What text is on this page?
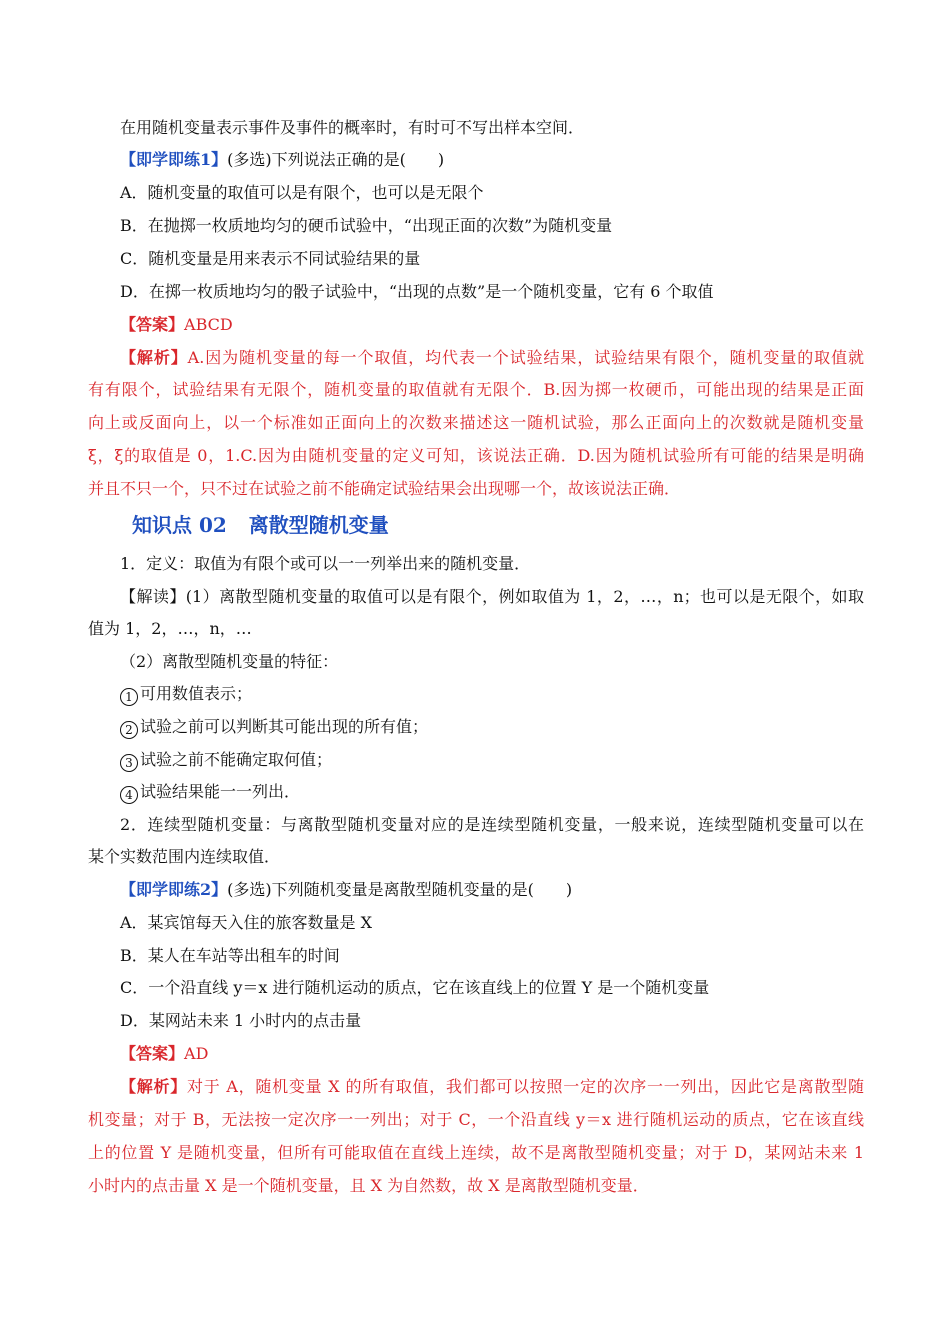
在用随机变量表示事件及事件的概率时，有时可不写出样本空间．
【即学即练1】(多选)下列说法正确的是(　　)
A．随机变量的取值可以是有限个，也可以是无限个
B．在抛掷一枚质地均匀的硬币试验中，“出现正面的次数”为随机变量
C．随机变量是用来表示不同试验结果的量
D．在掷一枚质地均匀的骰子试验中，“出现的点数”是一个随机变量，它有 6 个取值
【答案】ABCD
【解析】A.因为随机变量的每一个取值，均代表一个试验结果，试验结果有限个，随机变量的取值就
有有限个，试验结果有无限个，随机变量的取值就有无限个．B.因为掷一枚硬币，可能出现的结果是正面
向上或反面向上，以一个标准如正面向上的次数来描述这一随机试验，那么正面向上的次数就是随机变量
ξ，ξ的取值是 0，1.C.因为由随机变量的定义可知，该说法正确．D.因为随机试验所有可能的结果是明确
并且不只一个，只不过在试验之前不能确定试验结果会出现哪一个，故该说法正确．
知识点 02 离散型随机变量
1．定义：取值为有限个或可以一一列举出来的随机变量．
【解读】(1）离散型随机变量的取值可以是有限个，例如取值为 1，2，…，n；也可以是无限个，如取
值为 1，2，…，n，…
（2）离散型随机变量的特征：
1 可用数值表示；
2 试验之前可以判断其可能出现的所有值；
3 试验之前不能确定取何值；
4 试验结果能一一列出．
2．连续型随机变量：与离散型随机变量对应的是连续型随机变量，一般来说，连续型随机变量可以在
某个实数范围内连续取值．
【即学即练2】(多选)下列随机变量是离散型随机变量的是(　　)
A．某宾馆每天入住的旅客数量是 X
B．某人在车站等出租车的时间
C．一个沿直线 y＝x 进行随机运动的质点，它在该直线上的位置 Y 是一个随机变量
D．某网站未来 1 小时内的点击量
【答案】AD
【解析】对于 A，随机变量 X 的所有取值，我们都可以按照一定的次序一一列出，因此它是离散型随
机变量；对于 B，无法按一定次序一一列出；对于 C，一个沿直线 y＝x 进行随机运动的质点，它在该直线
上的位置 Y 是随机变量，但所有可能取值在直线上连续，故不是离散型随机变量；对于 D，某网站未来 1
小时内的点击量 X 是一个随机变量，且 X 为自然数，故 X 是离散型随机变量．
